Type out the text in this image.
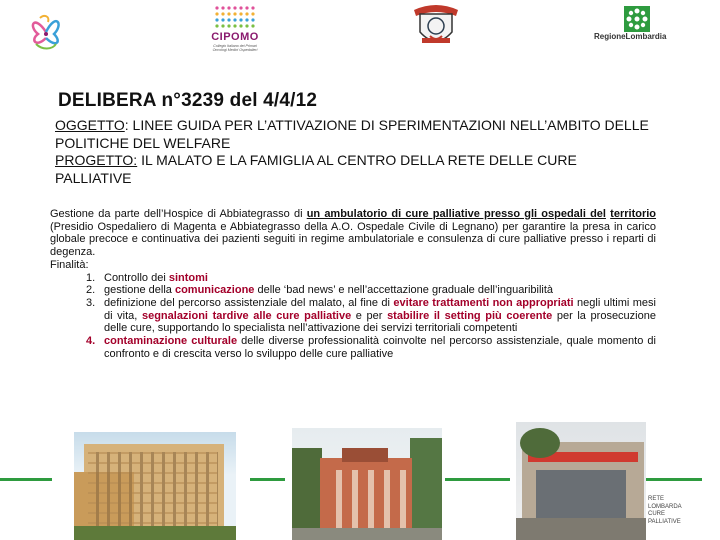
CIPOMO
Collegio Italiano dei Primari Oncologi Medici Ospedalieri
RegioneLombardia
DELIBERA n°3239 del 4/4/12
OGGETTO: LINEE GUIDA PER L’ATTIVAZIONE DI SPERIMENTAZIONI NELL’AMBITO DELLE POLITICHE DEL WELFARE
PROGETTO: IL MALATO E LA FAMIGLIA AL CENTRO DELLA RETE DELLE CURE PALLIATIVE

Gestione da parte dell’Hospice di Abbiategrasso di un ambulatorio di cure palliative presso gli ospedali del territorio (Presidio Ospedaliero di Magenta e Abbiategrasso della A.O. Ospedale Civile di Legnano) per garantire la presa in carico globale precoce e continuativa dei pazienti seguiti in regime ambulatoriale e consulenza di cure palliative presso i reparti di degenza.

Finalità:

1. Controllo dei sintomi
2. gestione della comunicazione delle ‘bad news’ e nell’accettazione graduale dell’inguaribilità
3. definizione del percorso assistenziale del malato, al fine di evitare trattamenti non appropriati negli ultimi mesi di vita, segnalazioni tardive alle cure palliative e per stabilire il setting più coerente per la prosecuzione delle cure, supportando lo specialista nell’attivazione dei servizi territoriali competenti
4. contaminazione culturale delle diverse professionalità coinvolte nel percorso assistenziale, quale momento di confronto e di crescita verso lo sviluppo delle cure palliative
RETE LOMBARDA CURE PALLIATIVE
